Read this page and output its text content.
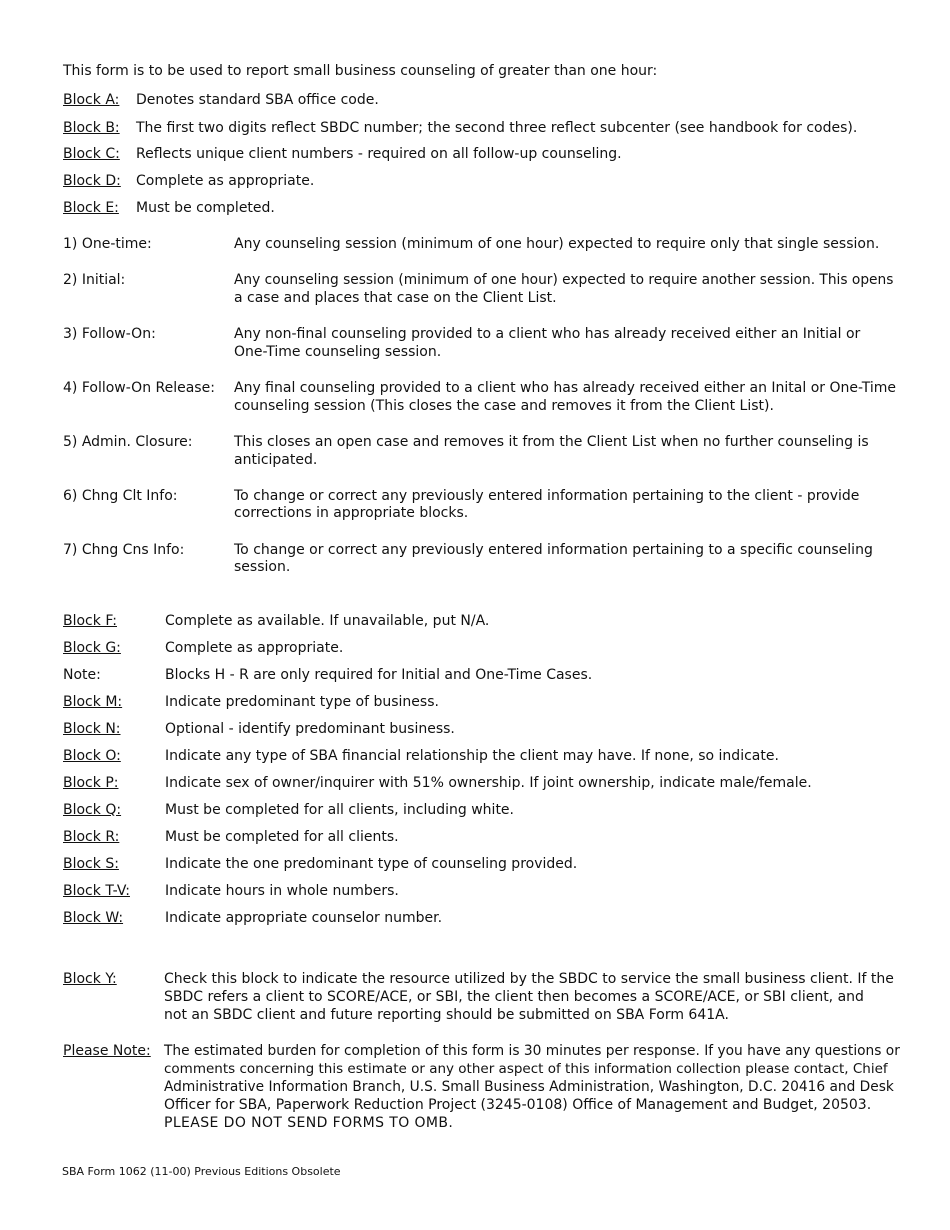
This form is to be used to report small business counseling of greater than one hour:
Block A: Denotes standard SBA office code.
Block B: The first two digits reflect SBDC number; the second three reflect subcenter (see handbook for codes).
Block C: Reflects unique client numbers - required on all follow-up counseling.
Block D: Complete as appropriate.
Block E: Must be completed.
1) One-time:	Any counseling session (minimum of one hour) expected to require only that single session.
2) Initial:	Any counseling session (minimum of one hour) expected to require another session. This opens
a case and places that case on the Client List.
3) Follow-On:	Any non-final counseling provided to a client who has already received either an Initial or
One-Time counseling session.
4) Follow-On Release: Any final counseling provided to a client who has already received either an Inital or One-Time
counseling session (This closes the case and removes it from the Client List).
5) Admin. Closure:	This closes an open case and removes it from the Client List when no further counseling is
anticipated.
6) Chng Clt Info:	To change or correct any previously entered information pertaining to the client - provide
corrections in appropriate blocks.
7) Chng Cns Info:	To change or correct any previously entered information pertaining to a specific counseling
session.
Block F:	Complete as available. If unavailable, put N/A.
Block G:	Complete as appropriate.
Note:	Blocks H - R are only required for Initial and One-Time Cases.
Block M:	Indicate predominant type of business.
Block N:	Optional - identify predominant business.
Block O:	Indicate any type of SBA financial relationship the client may have. If none, so indicate.
Block P:	Indicate sex of owner/inquirer with 51% ownership. If joint ownership, indicate male/female.
Block Q:	Must be completed for all clients, including white.
Block R:	Must be completed for all clients.
Block S:	Indicate the one predominant type of counseling provided.
Block T-V:	Indicate hours in whole numbers.
Block W:	Indicate appropriate counselor number.
Block Y:	Check this block to indicate the resource utilized by the SBDC to service the small business client. If the
SBDC refers a client to SCORE/ACE, or SBI, the client then becomes a SCORE/ACE, or SBI client, and
not an SBDC client and future reporting should be submitted on SBA Form 641A.
Please Note: The estimated burden for completion of this form is 30 minutes per response. If you have any questions or
comments concerning this estimate or any other aspect of this information collection please contact, Chief
Administrative Information Branch, U.S. Small Business Administration, Washington, D.C. 20416 and Desk
Officer for SBA, Paperwork Reduction Project (3245-0108) Office of Management and Budget, 20503.
PLEASE DO NOT SEND FORMS TO OMB.
SBA Form 1062 (11-00) Previous Editions Obsolete
